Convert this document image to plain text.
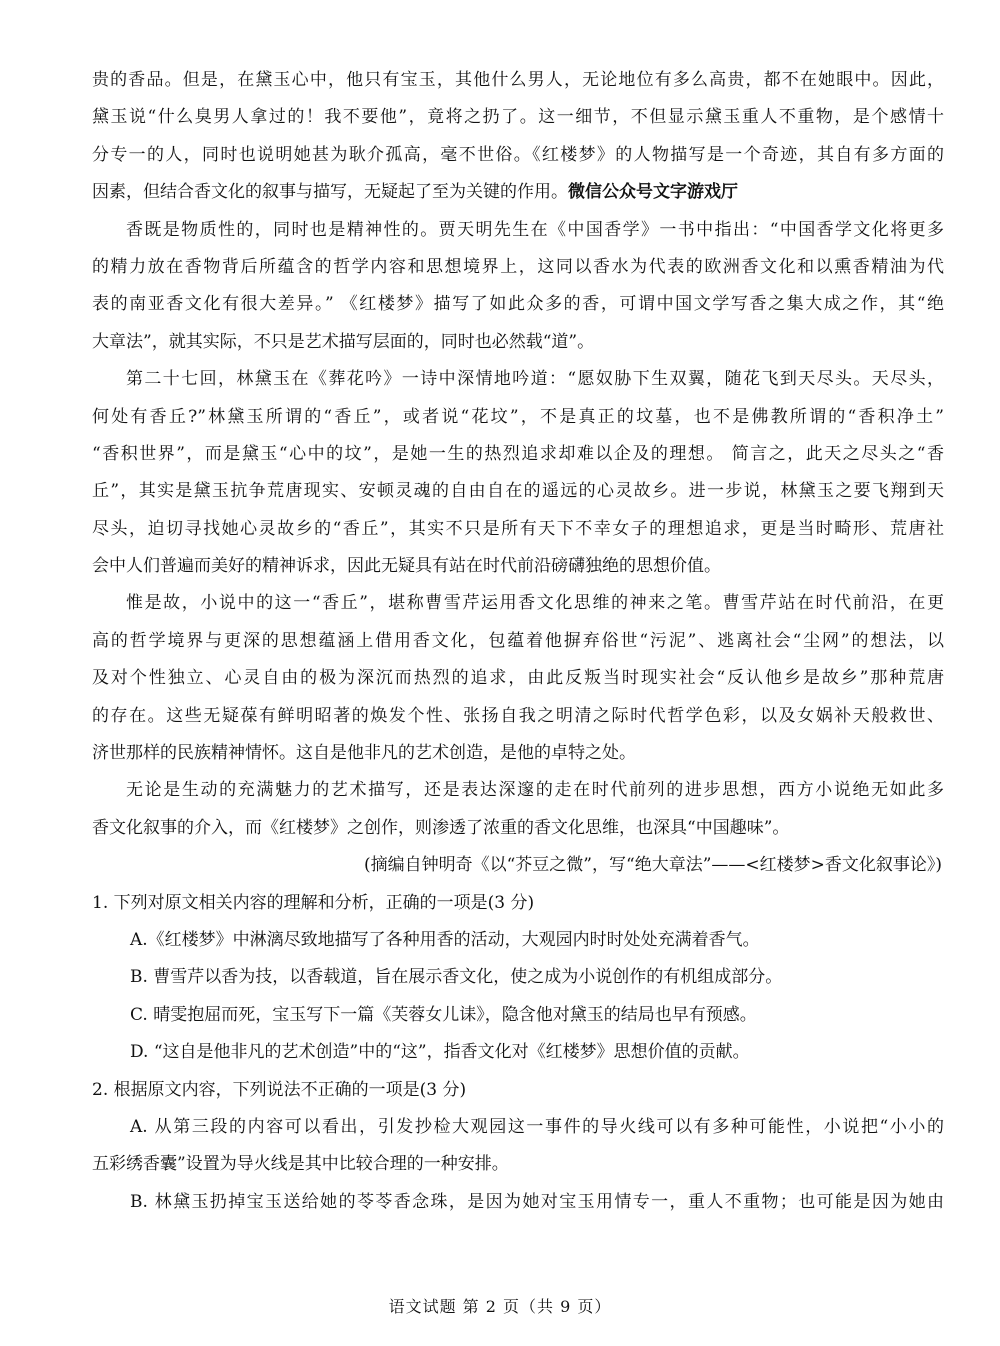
贵的香品。但是，在黛玉心中，他只有宝玉，其他什么男人，无论地位有多么高贵，都不在她眼中。因此，
黛玉说“什么臭男人拿过的！我不要他”，竟将之扔了。这一细节，不但显示黛玉重人不重物，是个感情十
分专一的人，同时也说明她甚为耿介孤高，毫不世俗。《红楼梦》的人物描写是一个奇迹，其自有多方面的
因素，但结合香文化的叙事与描写，无疑起了至为关键的作用。微信公众号文字游戏厅
香既是物质性的，同时也是精神性的。贾天明先生在《中国香学》一书中指出：“中国香学文化将更多
的精力放在香物背后所蕴含的哲学内容和思想境界上，这同以香水为代表的欧洲香文化和以熏香精油为代
表的南亚香文化有很大差异。” 《红楼梦》描写了如此众多的香，可谓中国文学写香之集大成之作，其“绝
大章法”，就其实际，不只是艺术描写层面的，同时也必然载“道”。
第二十七回，林黛玉在《葬花吟》一诗中深情地吟道：“愿奴胁下生双翼，随花飞到天尽头。天尽头，
何处有香丘?”林黛玉所谓的“香丘”，或者说“花坟”，不是真正的坟墓，也不是佛教所谓的“香积净土”
“香积世界”，而是黛玉“心中的坟”，是她一生的热烈追求却难以企及的理想。 简言之，此天之尽头之“香
丘”，其实是黛玉抗争荒唐现实、安顿灵魂的自由自在的遥远的心灵故乡。进一步说，林黛玉之要飞翔到天
尽头，迫切寻找她心灵故乡的“香丘”，其实不只是所有天下不幸女子的理想追求，更是当时畸形、荒唐社
会中人们普遍而美好的精神诉求，因此无疑具有站在时代前沿磅礴独绝的思想价值。
惟是故，小说中的这一“香丘”，堪称曹雪芹运用香文化思维的神来之笔。曹雪芹站在时代前沿，在更
高的哲学境界与更深的思想蕴涵上借用香文化，包蕴着他摒弃俗世“污泥”、逃离社会“尘网”的想法，以
及对个性独立、心灵自由的极为深沉而热烈的追求，由此反叛当时现实社会“反认他乡是故乡”那种荒唐
的存在。这些无疑葆有鲜明昭著的焕发个性、张扬自我之明清之际时代哲学色彩，以及女娲补天般救世、
济世那样的民族精神情怀。这自是他非凡的艺术创造，是他的卓特之处。
无论是生动的充满魅力的艺术描写，还是表达深邃的走在时代前列的进步思想，西方小说绝无如此多
香文化叙事的介入，而《红楼梦》之创作，则渗透了浓重的香文化思维，也深具“中国趣味”。
(摘编自钟明奇《以“芥豆之微”，写“绝大章法”——<红楼梦>香文化叙事论》)
1. 下列对原文相关内容的理解和分析，正确的一项是(3 分)
A.《红楼梦》中淋漓尽致地描写了各种用香的活动，大观园内时时处处充满着香气。
B. 曹雪芹以香为技，以香载道，旨在展示香文化，使之成为小说创作的有机组成部分。
C. 晴雯抱屈而死，宝玉写下一篇《芙蓉女儿诔》，隐含他对黛玉的结局也早有预感。
D. “这自是他非凡的艺术创造”中的“这”，指香文化对《红楼梦》思想价值的贡献。
2. 根据原文内容，下列说法不正确的一项是(3 分)
A. 从第三段的内容可以看出，引发抄检大观园这一事件的导火线可以有多种可能性，小说把“小小的
五彩绣香囊”设置为导火线是其中比较合理的一种安排。
B. 林黛玉扔掉宝玉送给她的苓苓香念珠，是因为她对宝玉用情专一，重人不重物；也可能是因为她由
语文试题 第 2 页（共 9 页）
